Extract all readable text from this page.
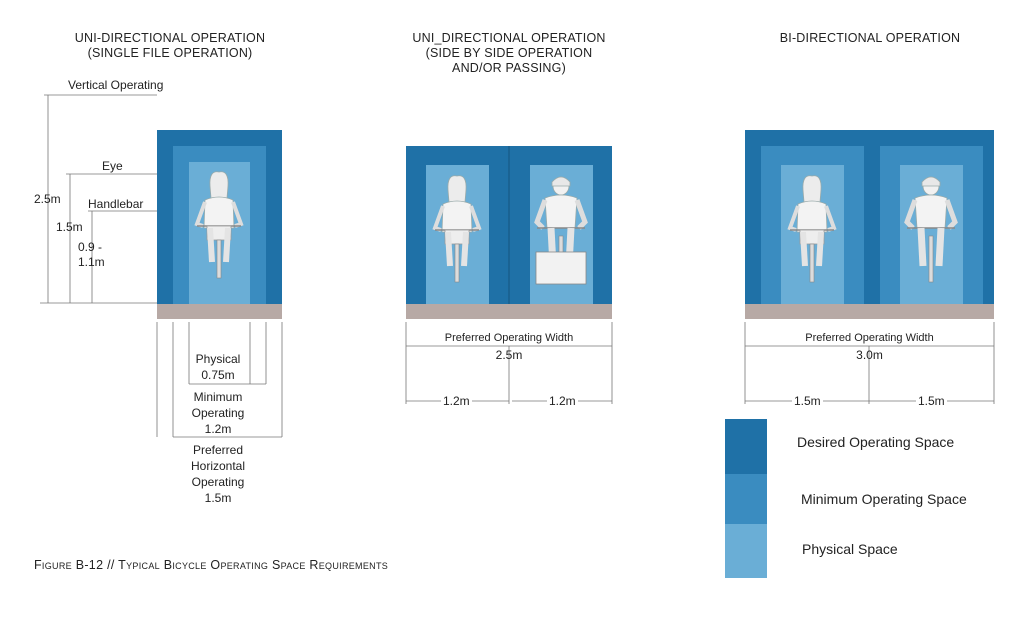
UNI-DIRECTIONAL OPERATION
(SINGLE FILE OPERATION)
Vertical Operating
Eye
Handlebar
2.5m
1.5m
0.9 -
1.1m
Physical
0.75m
Minimum
Operating
1.2m
Preferred
Horizontal
Operating
1.5m
UNI_DIRECTIONAL OPERATION
(SIDE BY SIDE OPERATION
AND/OR PASSING)
Preferred Operating Width
2.5m
1.2m	1.2m
BI-DIRECTIONAL OPERATION
Preferred Operating Width
3.0m
1.5m	1.5m
Desired Operating Space
Minimum Operating Space
Physical Space
Figure B-12 // Typical Bicycle Operating Space Requirements
